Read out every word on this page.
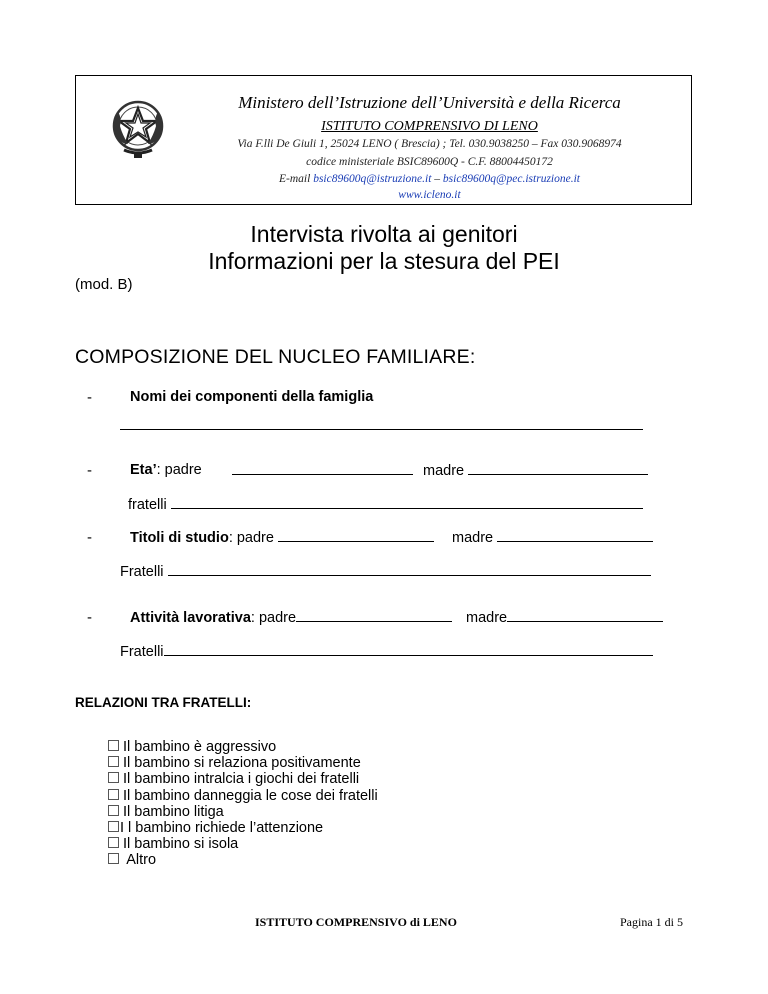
Ministero dell’Istruzione dell’Università e della Ricerca
ISTITUTO COMPRENSIVO DI LENO
Via F.lli De Giuli 1, 25024 LENO ( Brescia) ; Tel. 030.9038250 – Fax 030.9068974
codice ministeriale BSIC89600Q - C.F. 88004450172
E-mail bsic89600q@istruzione.it – bsic89600q@pec.istruzione.it
www.icleno.it
Intervista rivolta ai genitori
Informazioni per la stesura del PEI
(mod. B)
COMPOSIZIONE DEL NUCLEO FAMILIARE:
-	Nomi dei componenti della famiglia
-	Eta’: padre	madre
fratelli
-	Titoli di studio: padre	madre
Fratelli
-	Attività lavorativa: padre	madre
Fratelli
RELAZIONI TRA FRATELLI:
Il bambino è aggressivo
Il bambino si relaziona positivamente
Il bambino intralcia i giochi dei fratelli
Il bambino danneggia le cose dei fratelli
Il bambino litiga
I l bambino richiede l’attenzione
Il bambino si isola
Altro
ISTITUTO COMPRENSIVO di LENO	Pagina 1 di 5
